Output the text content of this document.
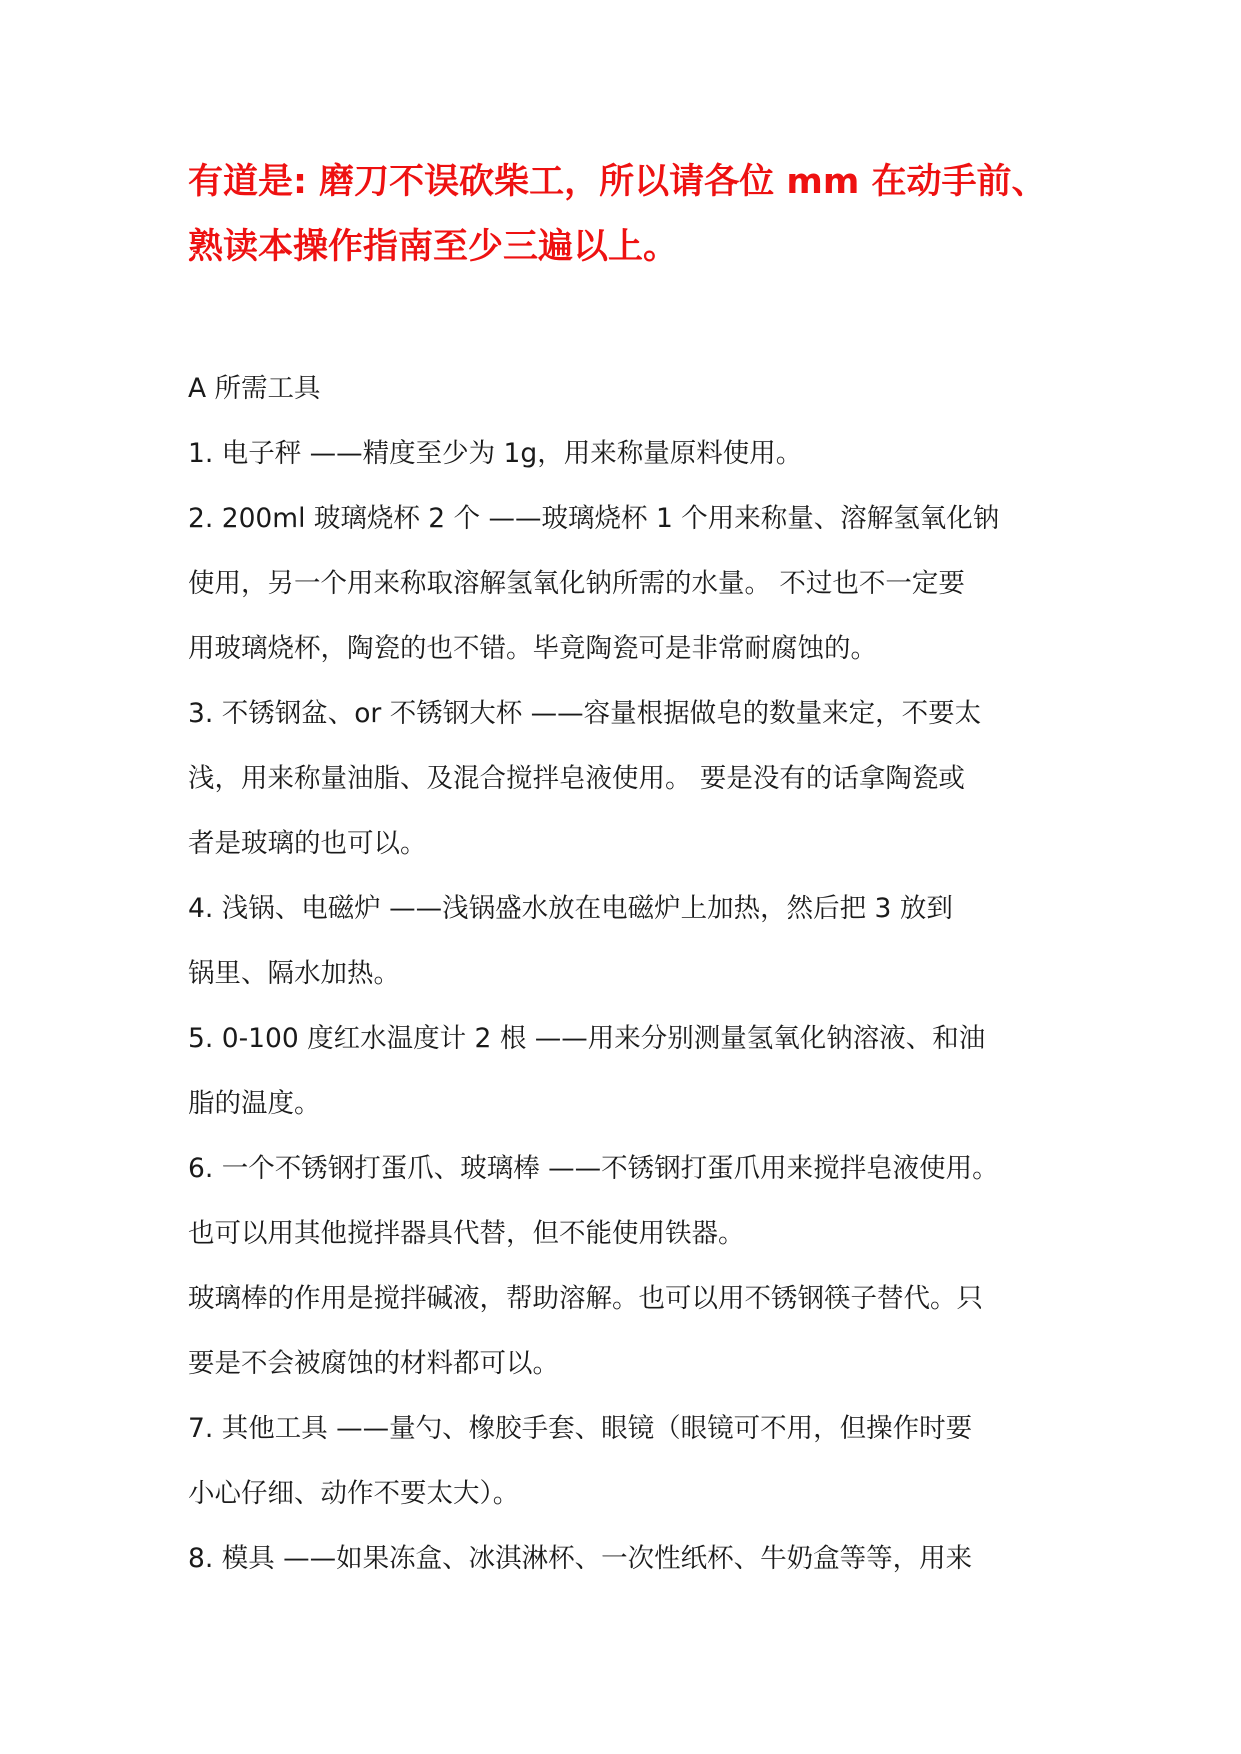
有道是: 磨刀不误砍柴工，所以请各位 mm 在动手前、
熟读本操作指南至少三遍以上。
A 所需工具
1. 电子秤 ——精度至少为 1g，用来称量原料使用。
2. 200ml 玻璃烧杯 2 个 ——玻璃烧杯 1 个用来称量、溶解氢氧化钠
使用，另一个用来称取溶解氢氧化钠所需的水量。 不过也不一定要
用玻璃烧杯，陶瓷的也不错。毕竟陶瓷可是非常耐腐蚀的。
3. 不锈钢盆、or 不锈钢大杯 ——容量根据做皂的数量来定，不要太
浅，用来称量油脂、及混合搅拌皂液使用。 要是没有的话拿陶瓷或
者是玻璃的也可以。
4. 浅锅、电磁炉 ——浅锅盛水放在电磁炉上加热，然后把 3 放到
锅里、隔水加热。
5. 0-100 度红水温度计 2 根 ——用来分别测量氢氧化钠溶液、和油
脂的温度。
6. 一个不锈钢打蛋爪、玻璃棒 ——不锈钢打蛋爪用来搅拌皂液使用。
也可以用其他搅拌器具代替，但不能使用铁器。
玻璃棒的作用是搅拌碱液，帮助溶解。也可以用不锈钢筷子替代。只
要是不会被腐蚀的材料都可以。
7. 其他工具 ——量勺、橡胶手套、眼镜（眼镜可不用，但操作时要
小心仔细、动作不要太大）。
8. 模具 ——如果冻盒、冰淇淋杯、一次性纸杯、牛奶盒等等，用来
